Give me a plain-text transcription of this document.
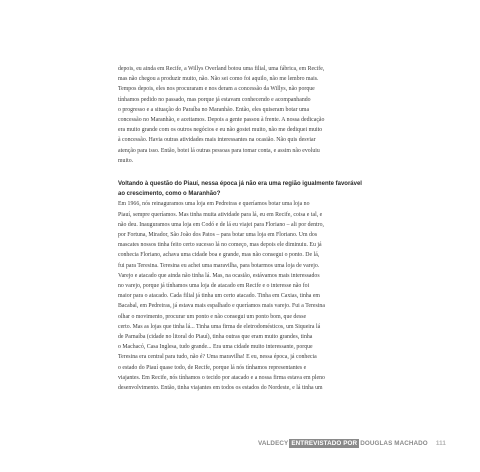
depois, eu ainda em Recife, a Willys Overland botou uma filial, uma fábrica, em Recife,

mas não chegou a produzir muito, não. Não sei como foi aquilo, não me lembro mais.

Tempos depois, eles nos procuraram e nos deram a concessão da Willys, não porque

tínhamos pedido no passado, mas porque já estavam conhecendo e acompanhando

o progresso e a situação do Paraíba no Maranhão. Então, eles quiseram botar uma

concessão no Maranhão, e aceitamos. Depois a gente passou à frente. A nossa dedicação

era muito grande com os outros negócios e eu não gostei muito, não me dediquei muito

à concessão. Havia outras atividades mais interessantes na ocasião. Não quis desviar

atenção para isso. Então, botei lá outras pessoas para tomar conta, e assim não evoluiu

muito.

Voltando à questão do Piauí, nessa época já não era uma região igualmente favorável

ao crescimento, como o Maranhão?

Em 1966, nós reinaguramos uma loja em Pedreiras e queríamos botar uma loja no

Piauí, sempre queríamos. Mas tinha muita atividade para lá, eu em Recife, coisa e tal, e

não deu. Inauguramos uma loja em Codó e de lá eu viajei para Floriano – ali por dentro,

por Fortuna, Mirador, São João dos Patos – para botar uma loja em Floriano. Um dos

mascates nossos tinha feito certo sucesso lá no começo, mas depois ele diminuiu. Eu já

conhecia Floriano, achava uma cidade boa e grande, mas não consegui o ponto. De lá,

fui para Teresina. Teresina eu achei uma maravilha, para botarmos uma loja de varejo.

Varejo e atacado que ainda não tinha lá. Mas, na ocasião, estávamos mais interessados

no varejo, porque já tínhamos uma loja de atacado em Recife e o interesse não foi

maior para o atacado. Cada filial já tinha um certo atacado. Tinha em Caxias, tinha em

Bacabal, em Pedreiras, já estava mais espalhado e queríamos mais varejo. Fui a Teresina

olhar o movimento, procurar um ponto e não consegui um ponto bom, que desse

certo. Mas as lojas que tinha lá... Tinha uma firma de eletrodomésticos, um Siqueira lá

de Parnaíba (cidade no litoral do Piauí), tinha outras que eram muito grandes, tinha

o Machacó, Casa Inglesa, tudo grande... Era uma cidade muito interessante, porque

Teresina era central para tudo, não é? Uma maravilha! E eu, nessa época, já conhecia

o estado do Piauí quase todo, de Recife, porque lá nós tínhamos representantes e

viajantes. Em Recife, nós tínhamos o tecido por atacado e a nossa firma estava em pleno

desenvolvimento. Então, tinha viajantes em todos os estados do Nordeste, e lá tinha um

VALDECY ENTREVISTADO POR DOUGLAS MACHADO 111
